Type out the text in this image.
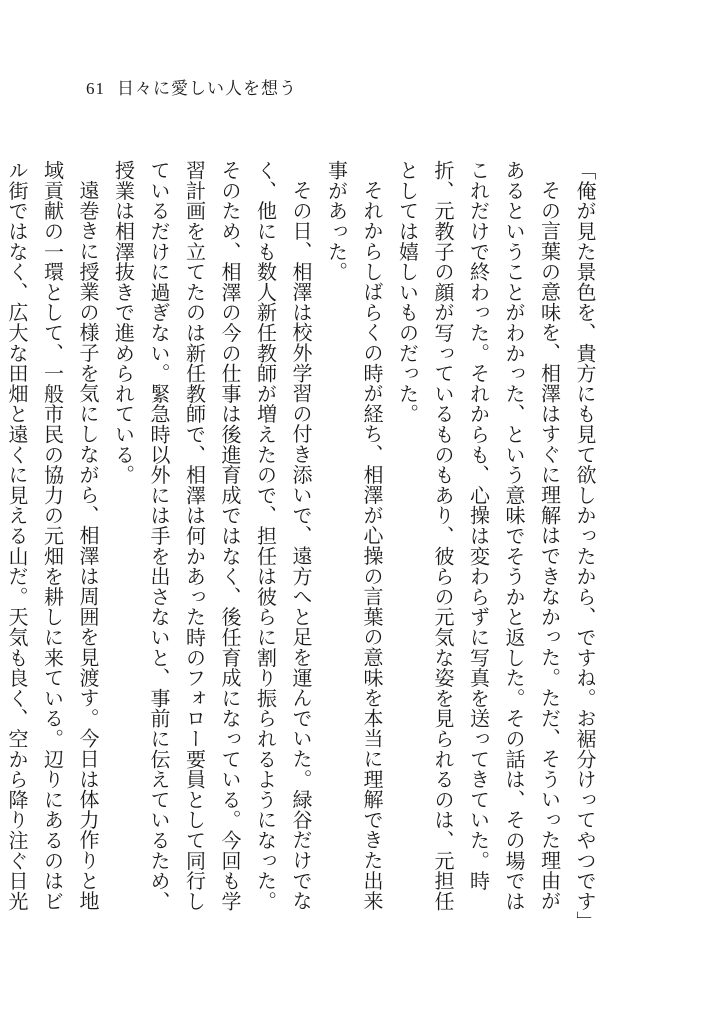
61 日々に愛しい人を想う

「俺が見た景色を、貴方にも見て欲しかったから、ですね。お裾分けってやつです」

その言葉の意味を、相澤はすぐに理解はできなかった。ただ、そういった理由があるということがわかった、という意味でそうかと返した。その話は、その場ではこれだけで終わった。それからも、心操は変わらずに写真を送ってきていた。時折、元教子の顔が写っているものもあり、彼らの元気な姿を見られるのは、元担任としては嬉しいものだった。

それからしばらくの時が経ち、相澤が心操の言葉の意味を本当に理解できた出来事があった。

その日、相澤は校外学習の付き添いで、遠方へと足を運んでいた。緑谷だけでなく、他にも数人新任教師が増えたので、担任は彼らに割り振られるようになった。そのため、相澤の今の仕事は後進育成ではなく、後任育成になっている。今回も学習計画を立てたのは新任教師で、相澤は何かあった時のフォロー要員として同行しているだけに過ぎない。緊急時以外には手を出さないと、事前に伝えているため、授業は相澤抜きで進められている。

遠巻きに授業の様子を気にしながら、相澤は周囲を見渡す。今日は体力作りと地域貢献の一環として、一般市民の協力の元畑を耕しに来ている。辺りにあるのはビル街ではなく、広大な田畑と遠くに見える山だ。天気も良く、空から降り注ぐ日光
